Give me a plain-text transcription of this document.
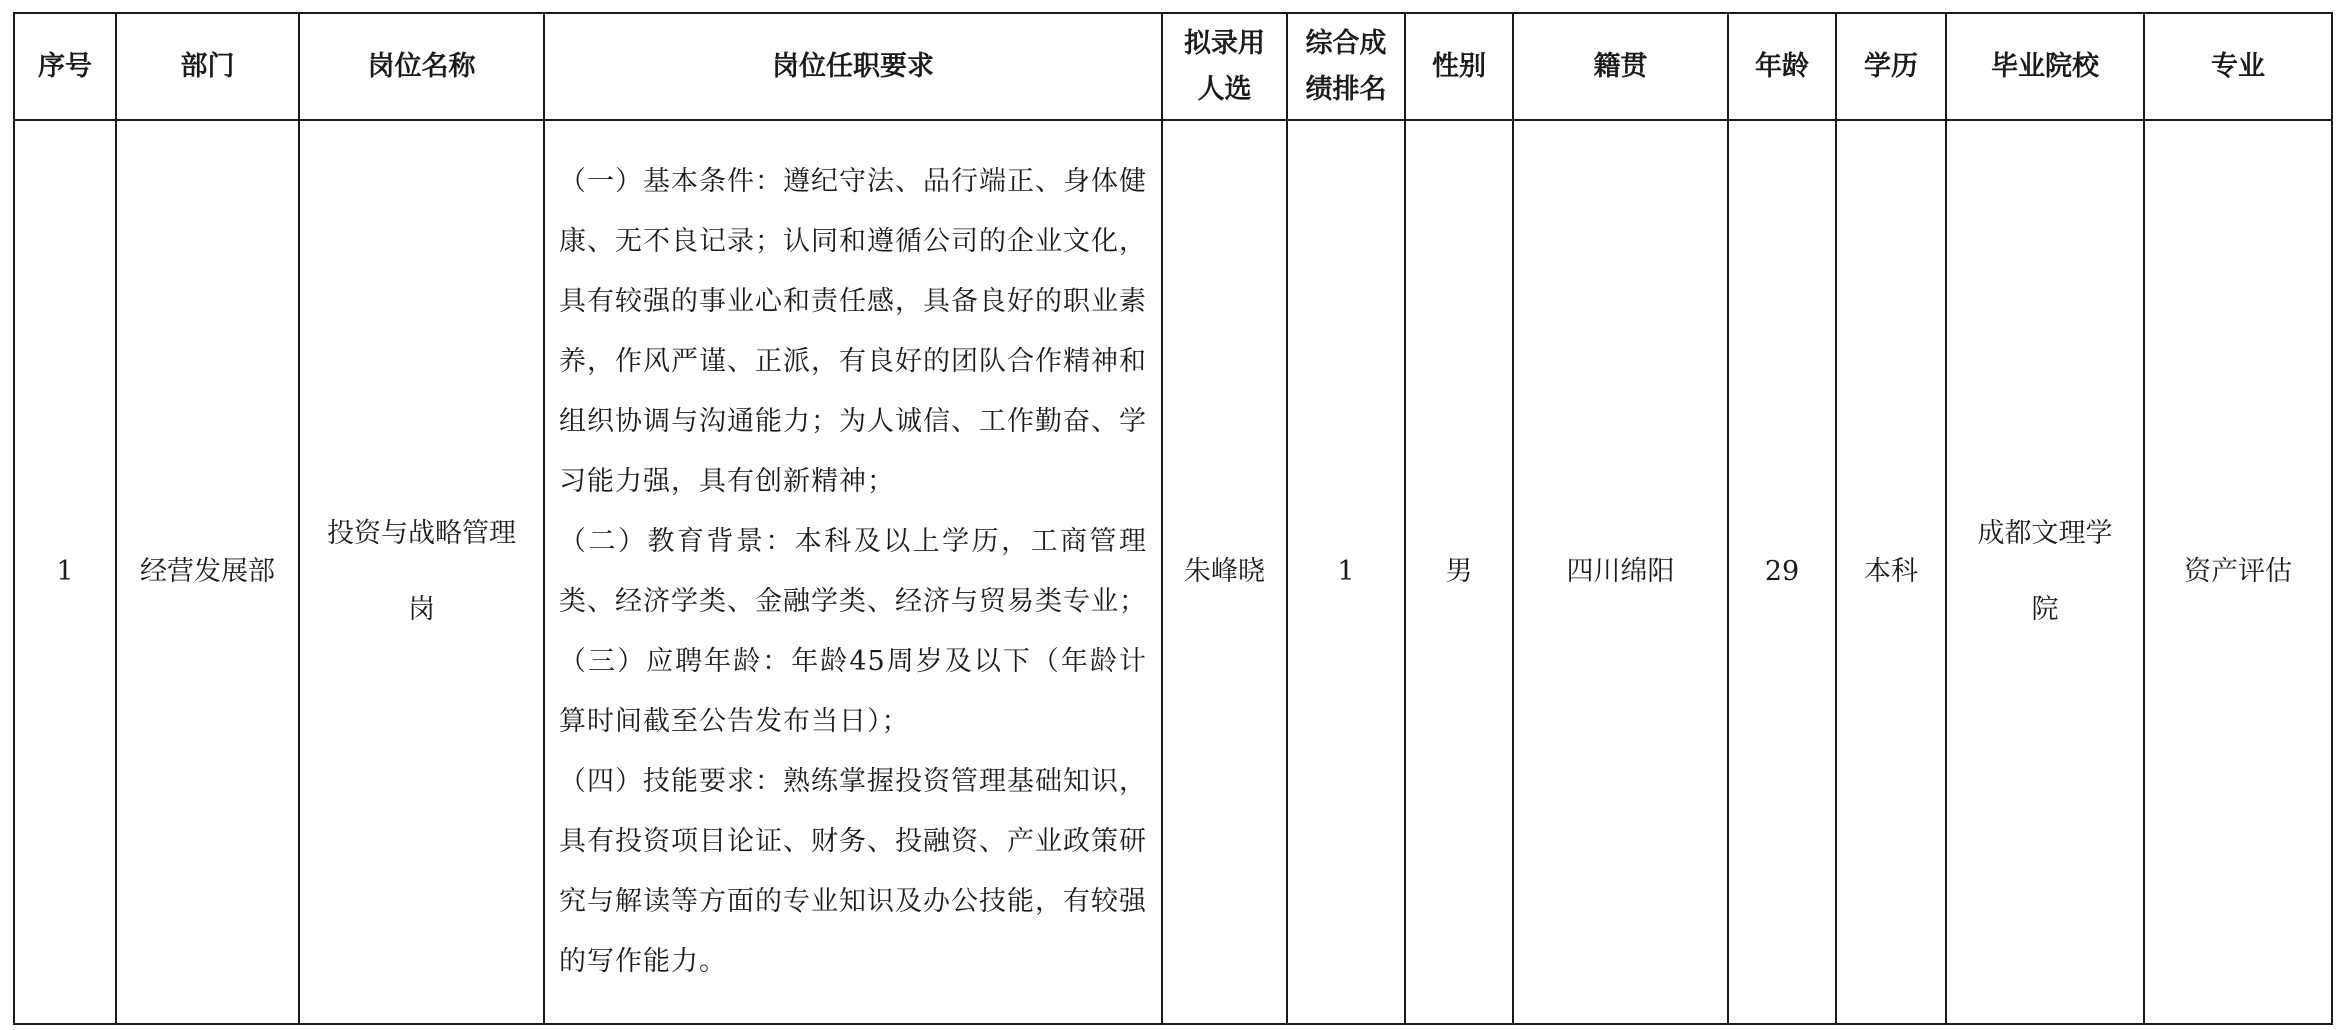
序号	部门	岗位名称	岗位任职要求	拟录用人选	综合成绩排名	性别	籍贯	年龄	学历	毕业院校	专业
1	经营发展部	投资与战略管理岗	（一）基本条件：遵纪守法、品行端正、身体健康、无不良记录；认同和遵循公司的企业文化，具有较强的事业心和责任感，具备良好的职业素养，作风严谨、正派，有良好的团队合作精神和组织协调与沟通能力；为人诚信、工作勤奋、学习能力强，具有创新精神；

（二）教育背景：本科及以上学历，工商管理类、经济学类、金融学类、经济与贸易类专业；

（三）应聘年龄：年龄45周岁及以下（年龄计算时间截至公告发布当日）；

（四）技能要求：熟练掌握投资管理基础知识，具有投资项目论证、财务、投融资、产业政策研究与解读等方面的专业知识及办公技能，有较强的写作能力。	朱峰晓	1	男	四川绵阳	29	本科	成都文理学院	资产评估
